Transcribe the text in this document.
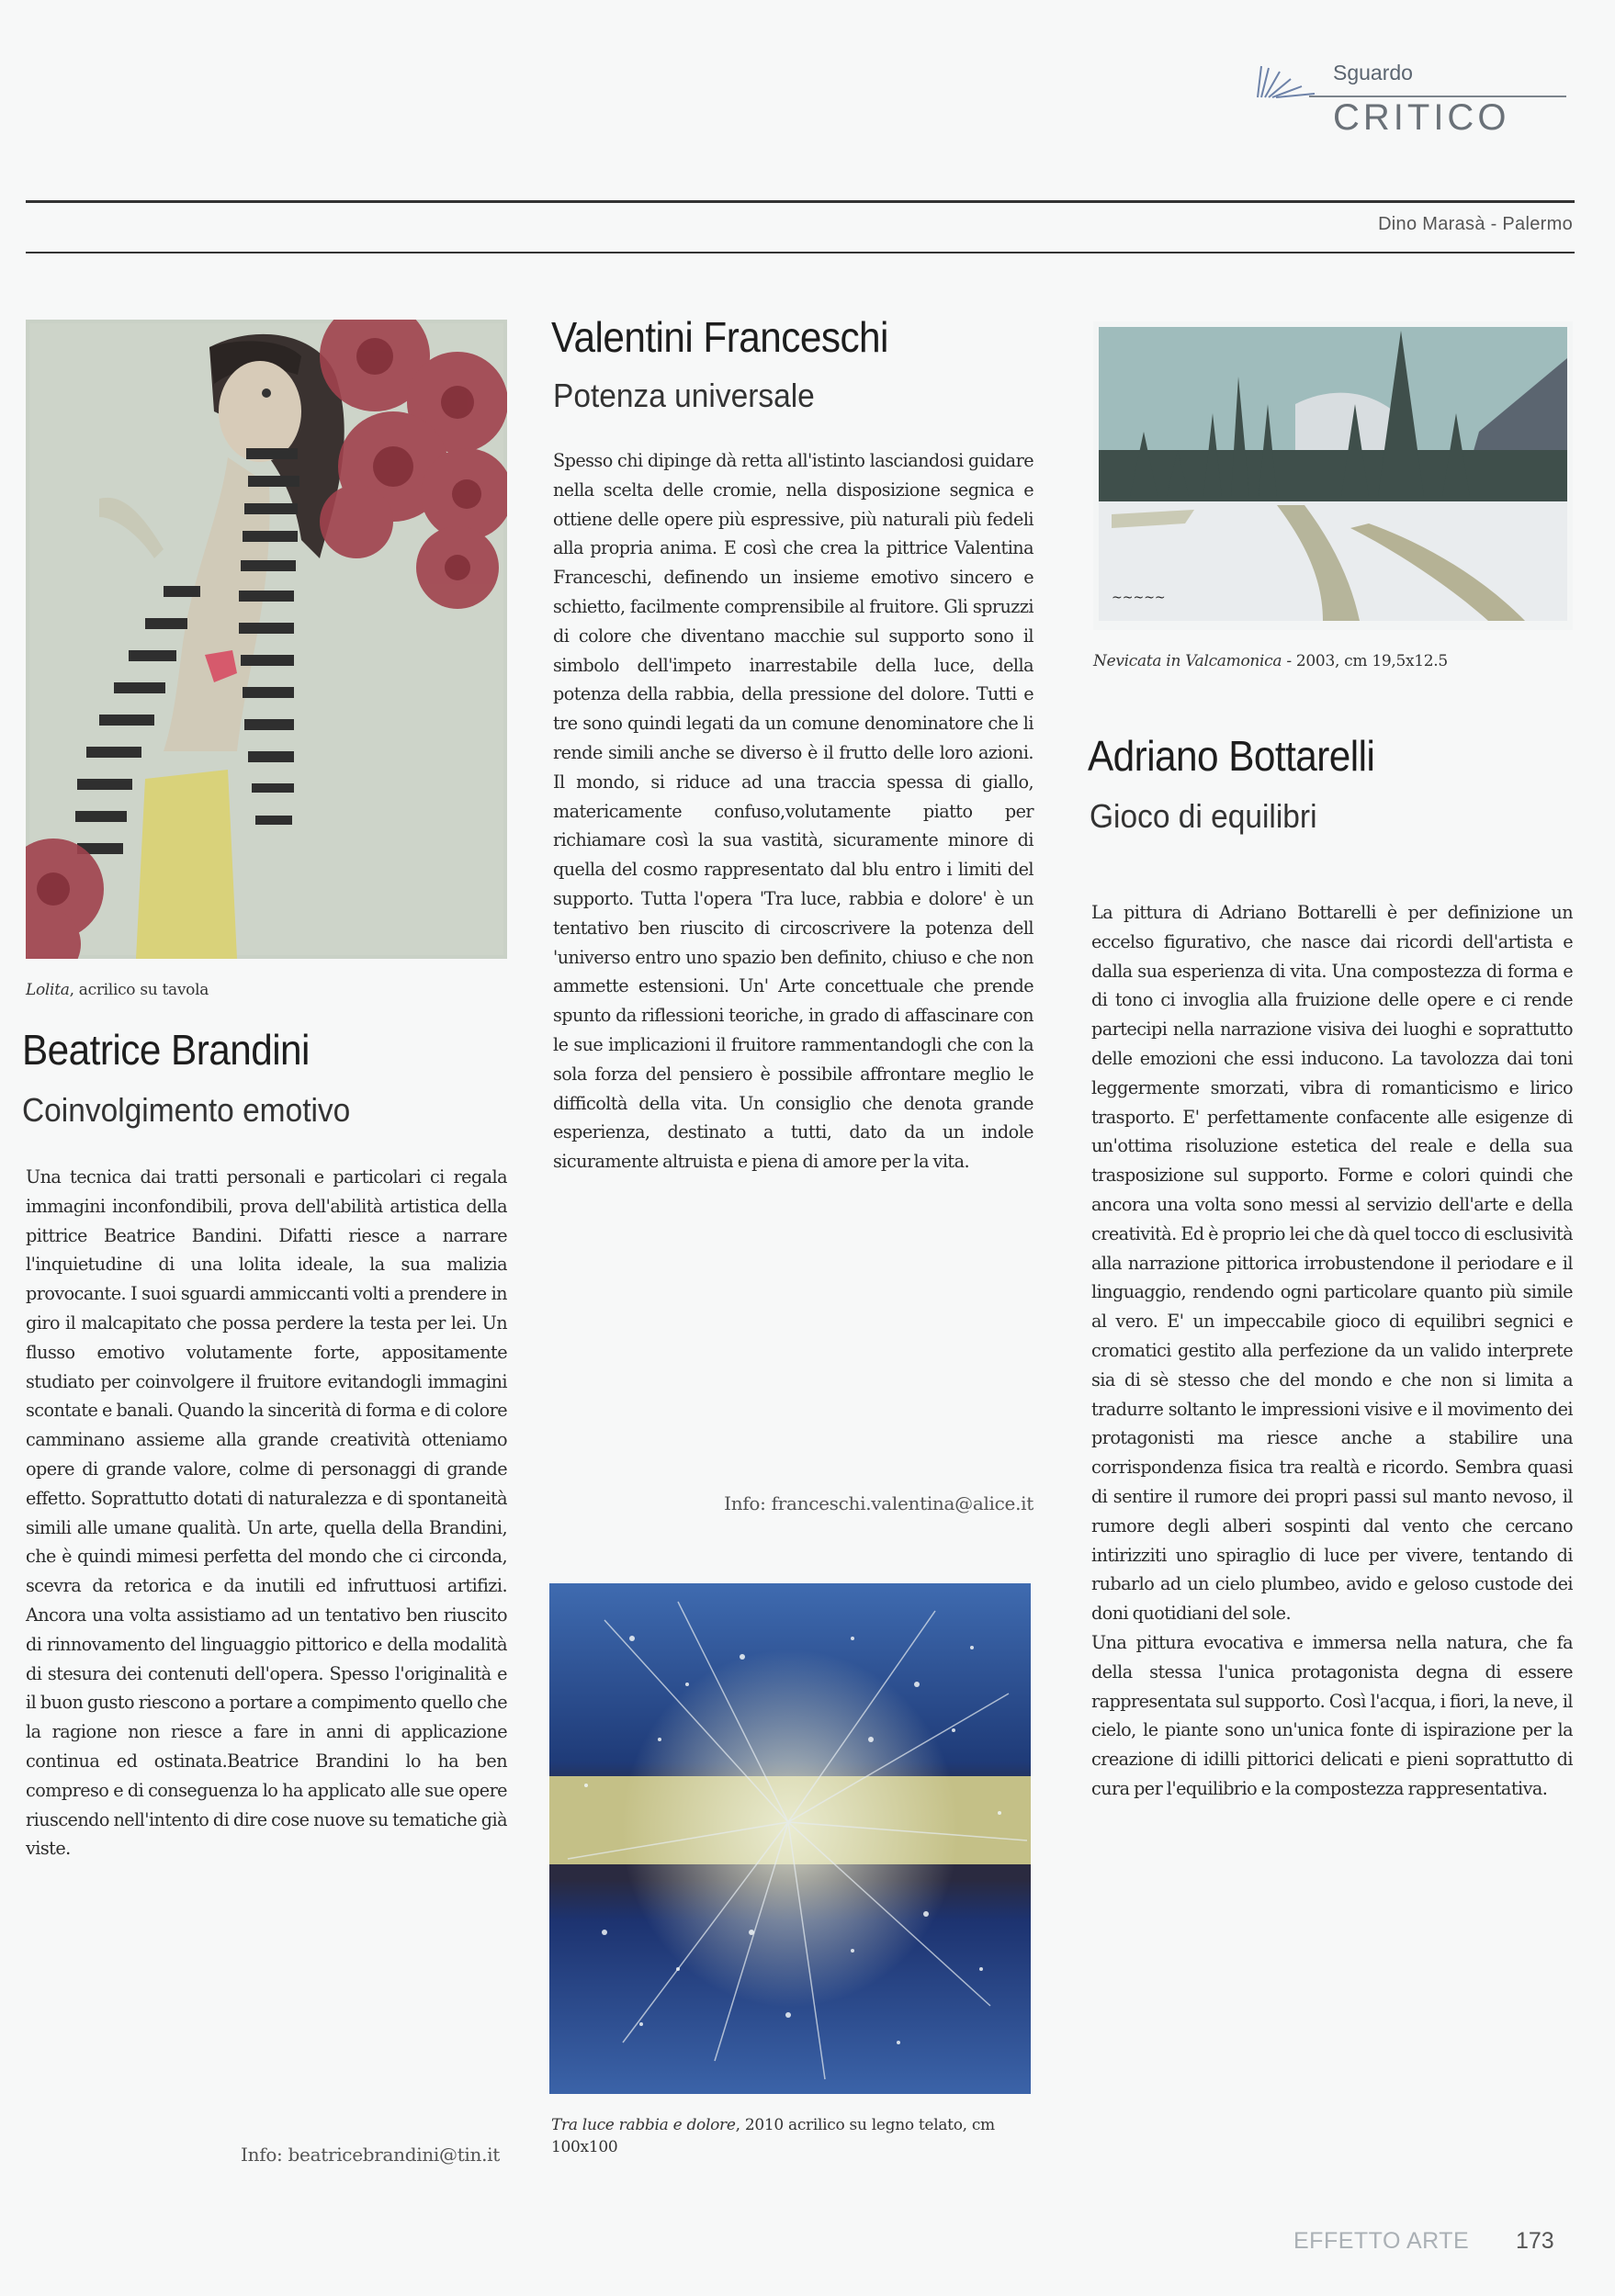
Sguardo
CRITICO
Dino Marasà - Palermo
Lolita, acrilico su tavola
Beatrice Brandini
Coinvolgimento emotivo
Una tecnica dai tratti personali e particolari ci regala immagini inconfondibili, prova dell'abilità artistica della pittrice Beatrice Bandini. Difatti riesce a narrare l'inquietudine di una lolita ideale, la sua malizia provocante. I suoi sguardi ammiccanti volti a prendere in giro il malcapitato che possa perdere la testa per lei. Un flusso emotivo volutamente forte, appositamente studiato per coinvolgere il fruitore evitandogli immagini scontate e banali. Quando la sincerità di forma e di colore camminano assieme alla grande creatività otteniamo opere di grande valore, colme di personaggi di grande effetto. Soprattutto dotati di naturalezza e di spontaneità simili alle umane qualità. Un arte, quella della Brandini, che è quindi mimesi perfetta del mondo che ci circonda, scevra da retorica e da inutili ed infruttuosi artifizi. Ancora una volta assistiamo ad un tentativo ben riuscito di rinnovamento del linguaggio pittorico e della modalità di stesura dei contenuti dell'opera. Spesso l'originalità e il buon gusto riescono a portare a compimento quello che la ragione non riesce a fare in anni di applicazione continua ed ostinata.Beatrice Brandini lo ha ben compreso e di conseguenza lo ha applicato alle sue opere riuscendo nell'intento di dire cose nuove su tematiche già viste.
Info: beatricebrandini@tin.it
Valentini Franceschi
Potenza universale
Spesso chi dipinge dà retta all'istinto lasciandosi guidare nella scelta delle cromie, nella disposizione segnica e ottiene delle opere più espressive, più naturali più fedeli alla propria anima. E così che crea la pittrice Valentina Franceschi, definendo un insieme emotivo sincero e schietto, facilmente comprensibile al fruitore. Gli spruzzi di colore che diventano macchie sul supporto sono il simbolo dell'impeto inarrestabile della luce, della potenza della rabbia, della pressione del dolore. Tutti e tre sono quindi legati da un comune denominatore che li rende simili anche se diverso è il frutto delle loro azioni. Il mondo, si riduce ad una traccia spessa di giallo, matericamente confuso,volutamente piatto per richiamare così la sua vastità, sicuramente minore di quella del cosmo rappresentato dal blu entro i limiti del supporto. Tutta l'opera 'Tra luce, rabbia e dolore' è un tentativo ben riuscito di circoscrivere la potenza dell 'universo entro uno spazio ben definito, chiuso e che non ammette estensioni. Un' Arte concettuale che prende spunto da riflessioni teoriche, in grado di affascinare con le sue implicazioni il fruitore rammentandogli che con la sola forza del pensiero è possibile affrontare meglio le difficoltà della vita. Un consiglio che denota grande esperienza, destinato a tutti, dato da un indole sicuramente altruista e piena di amore per la vita.
Info: franceschi.valentina@alice.it
Tra luce rabbia e dolore, 2010 acrilico su legno telato, cm 100x100
~~~~~
Nevicata in Valcamonica - 2003, cm 19,5x12.5
Adriano Bottarelli
Gioco di equilibri
La pittura di Adriano Bottarelli è per definizione un eccelso figurativo, che nasce dai ricordi dell'artista e dalla sua esperienza di vita. Una compostezza di forma e di tono ci invoglia alla fruizione delle opere e ci rende partecipi nella narrazione visiva dei luoghi e soprattutto delle emozioni che essi inducono. La tavolozza dai toni leggermente smorzati, vibra di romanticismo e lirico trasporto. E' perfettamente confacente alle esigenze di un'ottima risoluzione estetica del reale e della sua trasposizione sul supporto. Forme e colori quindi che ancora una volta sono messi al servizio dell'arte e della creatività. Ed è proprio lei che dà quel tocco di esclusività alla narrazione pittorica irrobustendone il periodare e il linguaggio, rendendo ogni particolare quanto più simile al vero. E' un impeccabile gioco di equilibri segnici e cromatici gestito alla perfezione da un valido interprete sia di sè stesso che del mondo e che non si limita a tradurre soltanto le impressioni visive e il movimento dei protagonisti ma riesce anche a stabilire una corrispondenza fisica tra realtà e ricordo. Sembra quasi di sentire il rumore dei propri passi sul manto nevoso, il rumore degli alberi sospinti dal vento che cercano intirizziti uno spiraglio di luce per vivere, tentando di rubarlo ad un cielo plumbeo, avido e geloso custode dei doni quotidiani del sole.
Una pittura evocativa e immersa nella natura, che fa della stessa l'unica protagonista degna di essere rappresentata sul supporto. Così l'acqua, i fiori, la neve, il cielo, le piante sono un'unica fonte di ispirazione per la creazione di idilli pittorici delicati e pieni soprattutto di cura per l'equilibrio e la compostezza rappresentativa.
EFFETTO ARTE 173
